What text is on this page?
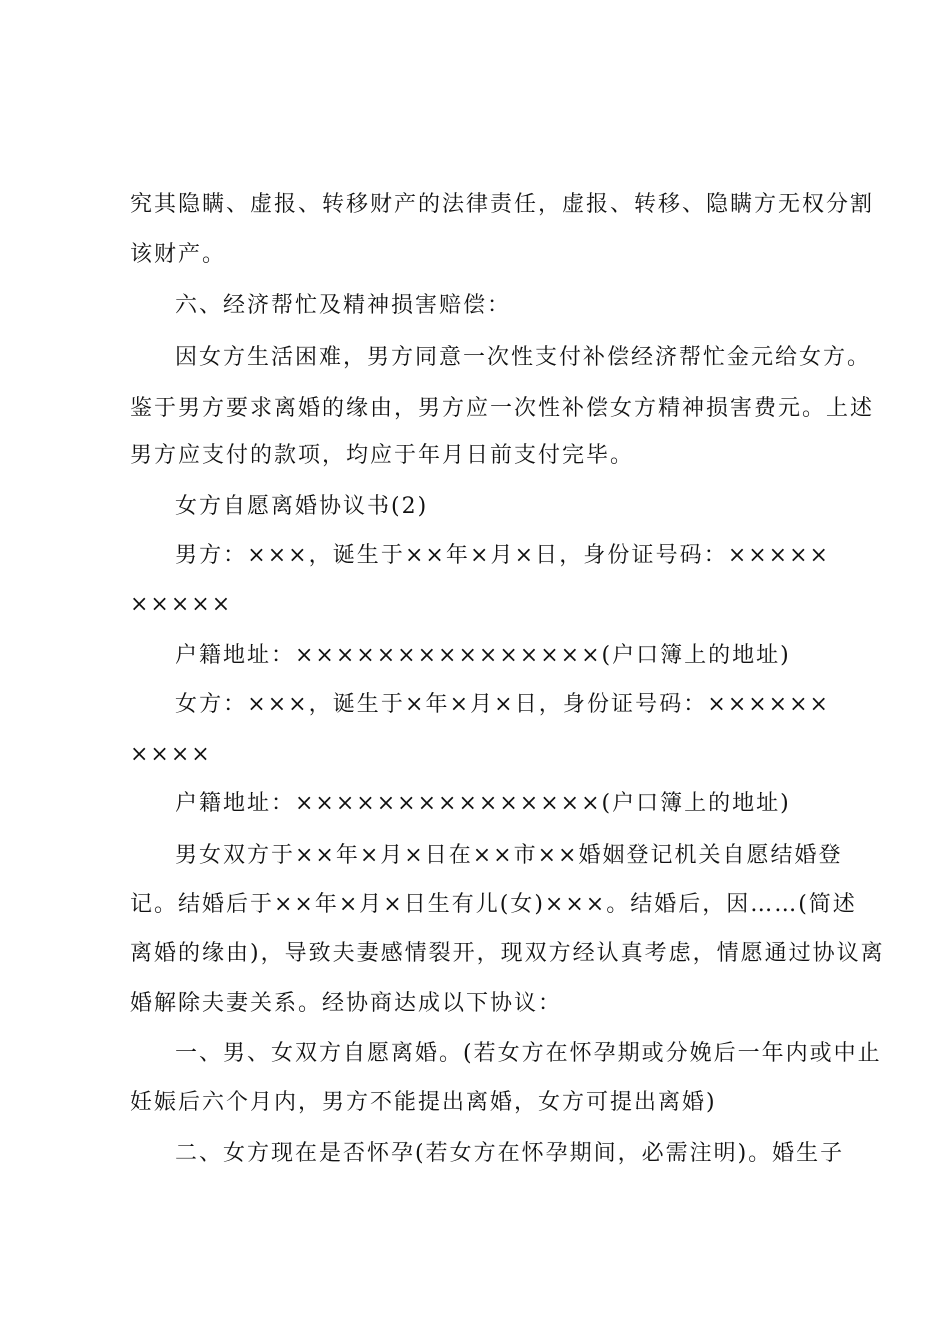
究其隐瞒、虚报、转移财产的法律责任，虚报、转移、隐瞒方无权分割
该财产。
六、经济帮忙及精神损害赔偿：
因女方生活困难，男方同意一次性支付补偿经济帮忙金元给女方。
鉴于男方要求离婚的缘由，男方应一次性补偿女方精神损害费元。上述
男方应支付的款项，均应于年月日前支付完毕。
女方自愿离婚协议书(2)
男方：×××，诞生于××年×月×日，身份证号码：×××××
×××××
户籍地址：×××××××××××××××(户口簿上的地址)
女方：×××，诞生于×年×月×日，身份证号码：××××××
××××
户籍地址：×××××××××××××××(户口簿上的地址)
男女双方于××年×月×日在××市××婚姻登记机关自愿结婚登
记。结婚后于××年×月×日生有儿(女)×××。结婚后，因……(简述
离婚的缘由)，导致夫妻感情裂开，现双方经认真考虑，情愿通过协议离
婚解除夫妻关系。经协商达成以下协议：
一、男、女双方自愿离婚。(若女方在怀孕期或分娩后一年内或中止
妊娠后六个月内，男方不能提出离婚，女方可提出离婚)
二、女方现在是否怀孕(若女方在怀孕期间，必需注明)。婚生子
